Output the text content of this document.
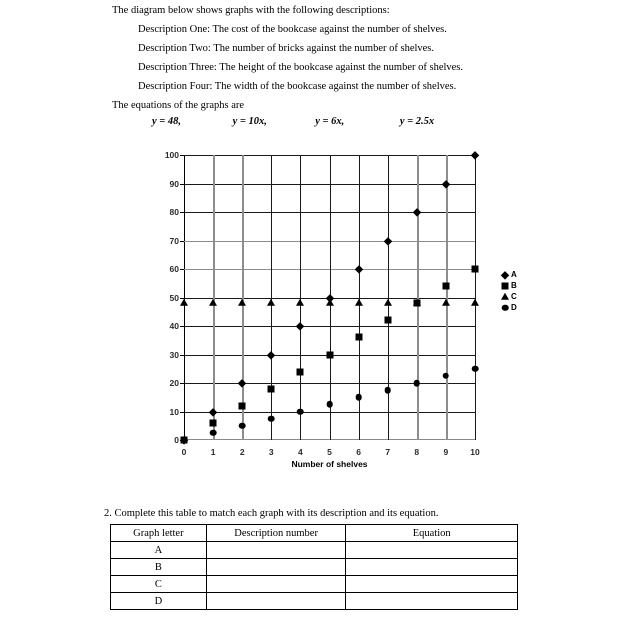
The diagram below shows graphs with the following descriptions:
Description One: The cost of the bookcase against the number of shelves.
Description Two: The number of bricks against the number of shelves.
Description Three: The height of the bookcase against the number of shelves.
Description Four: The width of the bookcase against the number of shelves.
The equations of the graphs are
y = 48,	y = 10x,	y = 6x,	y = 2.5x
0
10
20
30
40
50
60
70
80
90
100
0	1	2	3	4	5	6	7	8	9	10
Number of shelves
A
B
C
D
2. Complete this table to match each graph with its description and its equation.
Graph letter	Description number	Equation
A		
B		
C		
D		
